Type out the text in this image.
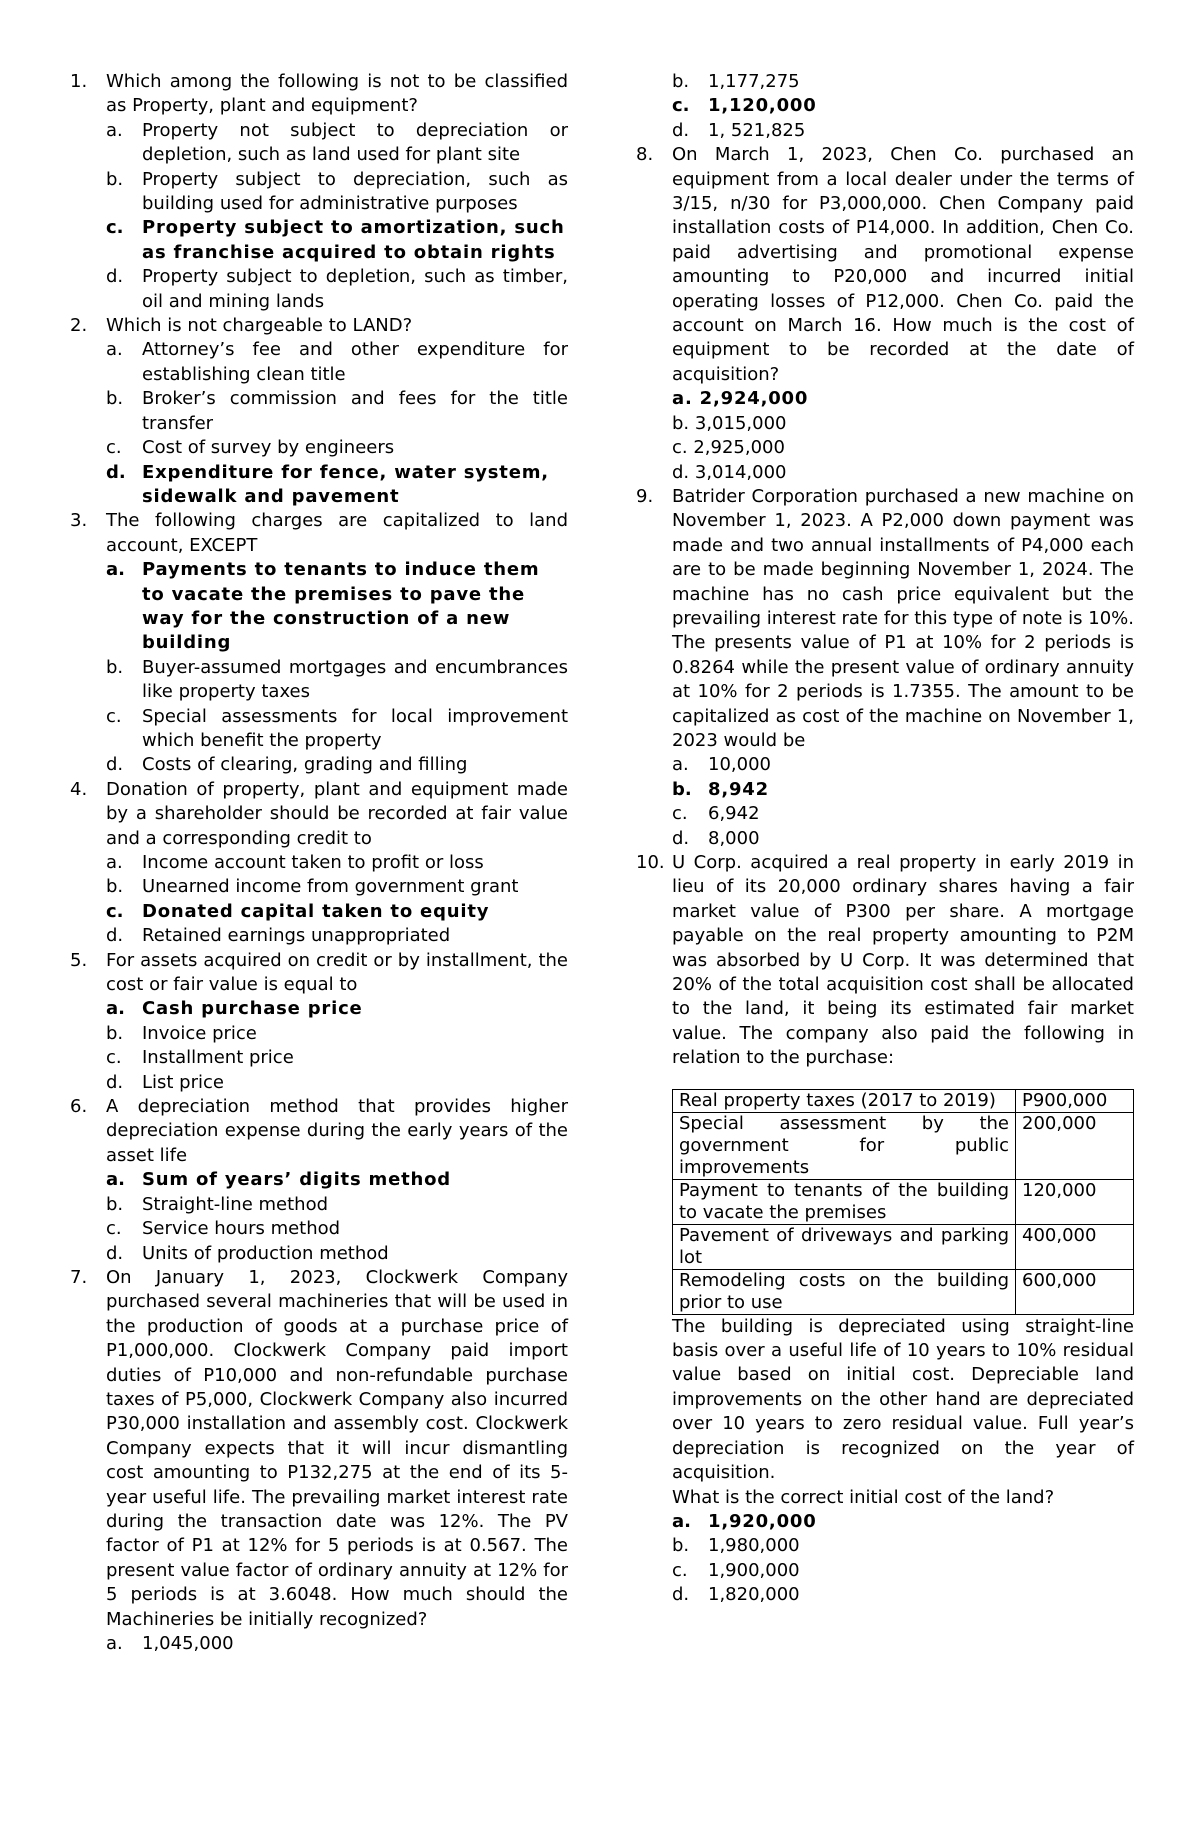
1.	Which among the following is not to be classified as Property, plant and equipment?
a.	Property not subject to depreciation or depletion, such as land used for plant site
b.	Property subject to depreciation, such as building used for administrative purposes
c.	Property subject to amortization, such as franchise acquired to obtain rights
d.	Property subject to depletion, such as timber, oil and mining lands
2.	Which is not chargeable to LAND?
a.	Attorney’s fee and other expenditure for establishing clean title
b.	Broker’s commission and fees for the title transfer
c.	Cost of survey by engineers
d. Expenditure for fence, water system, sidewalk and pavement
3.	The following charges are capitalized to land account, EXCEPT
a. Payments to tenants to induce them to vacate the premises to pave the way for the construction of a new building
b.	Buyer-assumed mortgages and encumbrances like property taxes
c.	Special assessments for local improvement which benefit the property
d.	Costs of clearing, grading and filling
4.	Donation of property, plant and equipment made by a shareholder should be recorded at fair value and a corresponding credit to
a.	Income account taken to profit or loss
b.	Unearned income from government grant
c.	Donated capital taken to equity
d.	Retained earnings unappropriated
5.	For assets acquired on credit or by installment, the cost or fair value is equal to
a. Cash purchase price
b.	Invoice price
c.	Installment price
d.	List price
6.	A depreciation method that provides higher depreciation expense during the early years of the asset life
a. Sum of years’ digits method
b.	Straight-line method
c.	Service hours method
d.	Units of production method
7.	On January 1, 2023, Clockwerk Company purchased several machineries that will be used in the production of goods at a purchase price of P1,000,000. Clockwerk Company paid import duties of P10,000 and non-refundable purchase taxes of P5,000, Clockwerk Company also incurred P30,000 installation and assembly cost. Clockwerk Company expects that it will incur dismantling cost amounting to P132,275 at the end of its 5-year useful life. The prevailing market interest rate during the transaction date was 12%. The PV factor of P1 at 12% for 5 periods is at 0.567. The present value factor of ordinary annuity at 12% for 5 periods is at 3.6048. How much should the Machineries be initially recognized?
a.	1,045,000
b.	1,177,275
c.	1,120,000
d.	1, 521,825
8.	On March 1, 2023, Chen Co. purchased an equipment from a local dealer under the terms of 3/15, n/30 for P3,000,000. Chen Company paid installation costs of P14,000. In addition, Chen Co. paid advertising and promotional expense amounting to P20,000 and incurred initial operating losses of P12,000. Chen Co. paid the account on March 16. How much is the cost of equipment to be recorded at the date of acquisition?
a. 2,924,000
b. 3,015,000
c. 2,925,000
d. 3,014,000
9.	Batrider Corporation purchased a new machine on November 1, 2023. A P2,000 down payment was made and two annual installments of P4,000 each are to be made beginning November 1, 2024. The machine has no cash price equivalent but the prevailing interest rate for this type of note is 10%. The presents value of P1 at 10% for 2 periods is 0.8264 while the present value of ordinary annuity at 10% for 2 periods is 1.7355. The amount to be capitalized as cost of the machine on November 1, 2023 would be
a.	10,000
b. 8,942
c.	6,942
d.	8,000
10. U Corp. acquired a real property in early 2019 in lieu of its 20,000 ordinary shares having a fair market value of P300 per share. A mortgage payable on the real property amounting to P2M was absorbed by U Corp. It was determined that 20% of the total acquisition cost shall be allocated to the land, it being its estimated fair market value. The company also paid the following in relation to the purchase:
Real property taxes (2017 to 2019)	P900,000
Special assessment by the government for public improvements	200,000
Payment to tenants of the building to vacate the premises	120,000
Pavement of driveways and parking lot	400,000
Remodeling costs on the building prior to use	600,000
The building is depreciated using straight-line basis over a useful life of 10 years to 10% residual value based on initial cost. Depreciable land improvements on the other hand are depreciated over 10 years to zero residual value. Full year’s depreciation is recognized on the year of acquisition.
What is the correct initial cost of the land?
a. 1,920,000
b.	1,980,000
c.	1,900,000
d.	1,820,000
